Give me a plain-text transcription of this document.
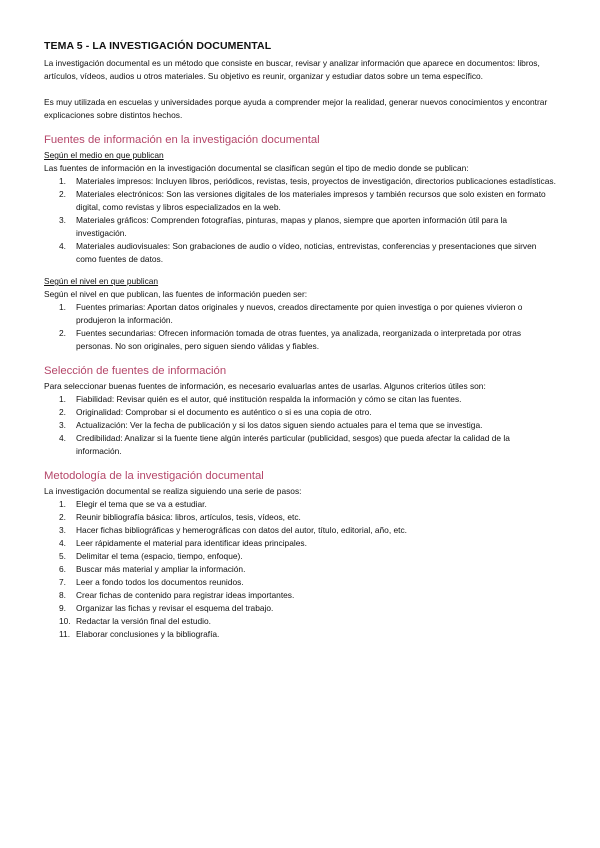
TEMA 5 - LA INVESTIGACIÓN DOCUMENTAL

La investigación documental es un método que consiste en buscar, revisar y analizar información que aparece en documentos: libros, artículos, vídeos, audios u otros materiales. Su objetivo es reunir, organizar y estudiar datos sobre un tema específico.

Es muy utilizada en escuelas y universidades porque ayuda a comprender mejor la realidad, generar nuevos conocimientos y encontrar explicaciones sobre distintos hechos.

Fuentes de información en la investigación documental
Según el medio en que publican

Las fuentes de información en la investigación documental se clasifican según el tipo de medio donde se publican:

1. Materiales impresos: Incluyen libros, periódicos, revistas, tesis, proyectos de investigación, directorios publicaciones estadísticas.
2. Materiales electrónicos: Son las versiones digitales de los materiales impresos y también recursos que solo existen en formato digital, como revistas y libros especializados en la web.
3. Materiales gráficos: Comprenden fotografías, pinturas, mapas y planos, siempre que aporten información útil para la investigación.
4. Materiales audiovisuales: Son grabaciones de audio o vídeo, noticias, entrevistas, conferencias y presentaciones que sirven como fuentes de datos.
Según el nivel en que publican

Según el nivel en que publican, las fuentes de información pueden ser:

1. Fuentes primarias: Aportan datos originales y nuevos, creados directamente por quien investiga o por quienes vivieron o produjeron la información.
2. Fuentes secundarias: Ofrecen información tomada de otras fuentes, ya analizada, reorganizada o interpretada por otras personas. No son originales, pero siguen siendo válidas y fiables.
Selección de fuentes de información

Para seleccionar buenas fuentes de información, es necesario evaluarlas antes de usarlas. Algunos criterios útiles son:

1. Fiabilidad: Revisar quién es el autor, qué institución respalda la información y cómo se citan las fuentes.
2. Originalidad: Comprobar si el documento es auténtico o si es una copia de otro.
3. Actualización: Ver la fecha de publicación y si los datos siguen siendo actuales para el tema que se investiga.
4. Credibilidad: Analizar si la fuente tiene algún interés particular (publicidad, sesgos) que pueda afectar la calidad de la información.
Metodología de la investigación documental

La investigación documental se realiza siguiendo una serie de pasos:

1. Elegir el tema que se va a estudiar.
2. Reunir bibliografía básica: libros, artículos, tesis, vídeos, etc.
3. Hacer fichas bibliográficas y hemerográficas con datos del autor, título, editorial, año, etc.
4. Leer rápidamente el material para identificar ideas principales.
5. Delimitar el tema (espacio, tiempo, enfoque).
6. Buscar más material y ampliar la información.
7. Leer a fondo todos los documentos reunidos.
8. Crear fichas de contenido para registrar ideas importantes.
9. Organizar las fichas y revisar el esquema del trabajo.
10. Redactar la versión final del estudio.
11. Elaborar conclusiones y la bibliografía.
